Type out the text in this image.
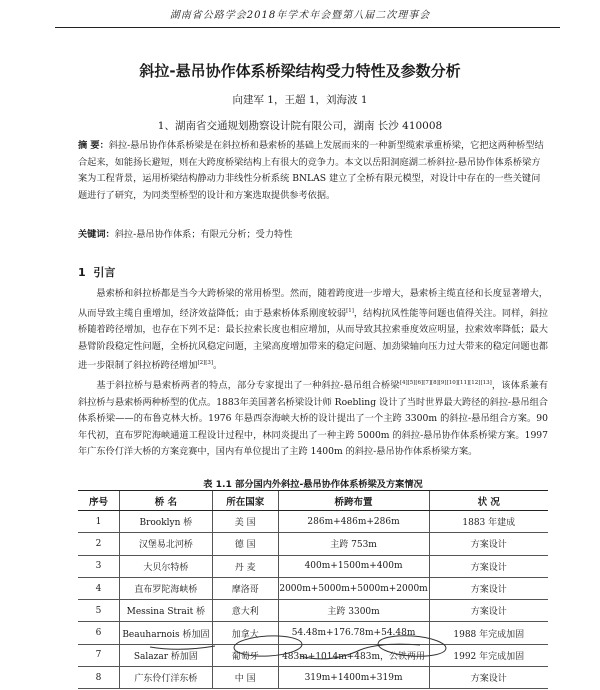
湖南省公路学会2018年学术年会暨第八届二次理事会
斜拉-悬吊协作体系桥梁结构受力特性及参数分析
向建军 1，王超 1，刘海波 1
1、湖南省交通规划勘察设计院有限公司，湖南 长沙 410008
摘 要：斜拉-悬吊协作体系桥梁是在斜拉桥和悬索桥的基础上发展而来的一种新型缆索承重桥梁，它把这两种桥型结合起来，如能扬长避短，则在大跨度桥梁结构上有很大的竞争力。本文以岳阳洞庭湖二桥斜拉-悬吊协作体系桥梁方案为工程背景，运用桥梁结构静动力非线性分析系统 BNLAS 建立了全桥有限元模型，对设计中存在的一些关键问题进行了研究，为同类型桥型的设计和方案选取提供参考依据。
关键词：斜拉-悬吊协作体系；有限元分析；受力特性
1 引言
悬索桥和斜拉桥都是当今大跨桥梁的常用桥型。然而，随着跨度进一步增大，悬索桥主缆直径和长度显著增大，从而导致主缆自重增加，经济效益降低；由于悬索桥体系刚度较弱[1]，结构抗风性能等问题也值得关注。同样，斜拉桥随着跨径增加，也存在下列不足：最长拉索长度也相应增加，从而导致其拉索垂度效应明显，拉索效率降低；最大悬臂阶段稳定性问题，全桥抗风稳定问题，主梁高度增加带来的稳定问题、加劲梁轴向压力过大带来的稳定问题也都进一步限制了斜拉桥跨径增加[2][3]。
基于斜拉桥与悬索桥两者的特点，部分专家提出了一种斜拉-悬吊组合桥梁[4][5][6][7][8][9][10][11][12][13]，该体系兼有斜拉桥与悬索桥两种桥型的优点。1883年美国著名桥梁设计师 Roebling 设计了当时世界最大跨径的斜拉-悬吊组合体系桥梁——的布鲁克林大桥。1976 年悬西奈海峡大桥的设计提出了一个主跨 3300m 的斜拉-悬吊组合方案。90 年代初，直布罗陀海峡通道工程设计过程中，林同炎提出了一种主跨 5000m 的斜拉-悬吊协作体系桥梁方案。1997 年广东伶仃洋大桥的方案竞赛中，国内有单位提出了主跨 1400m 的斜拉-悬吊协作体系桥梁方案。
表 1.1 部分国内外斜拉-悬吊协作体系桥梁及方案情况
序号	桥 名	所在国家	桥跨布置	状 况
1	Brooklyn 桥	美 国	286m+486m+286m	1883 年建成
2	汉堡易北河桥	德 国	主跨 753m	方案设计
3	大贝尔特桥	丹 麦	400m+1500m+400m	方案设计
4	直布罗陀海峡桥	摩洛哥	2000m+5000m+5000m+2000m	方案设计
5	Messina Strait 桥	意大利	主跨 3300m	方案设计
6	Beauharnois 桥加固	加拿大	54.48m+176.78m+54.48m	1988 年完成加固
7	Salazar 桥加固	葡萄牙	483m+1014m+483m，公铁两用	1992 年完成加固
8	广东伶仃洋东桥	中 国	319m+1400m+319m	方案设计
